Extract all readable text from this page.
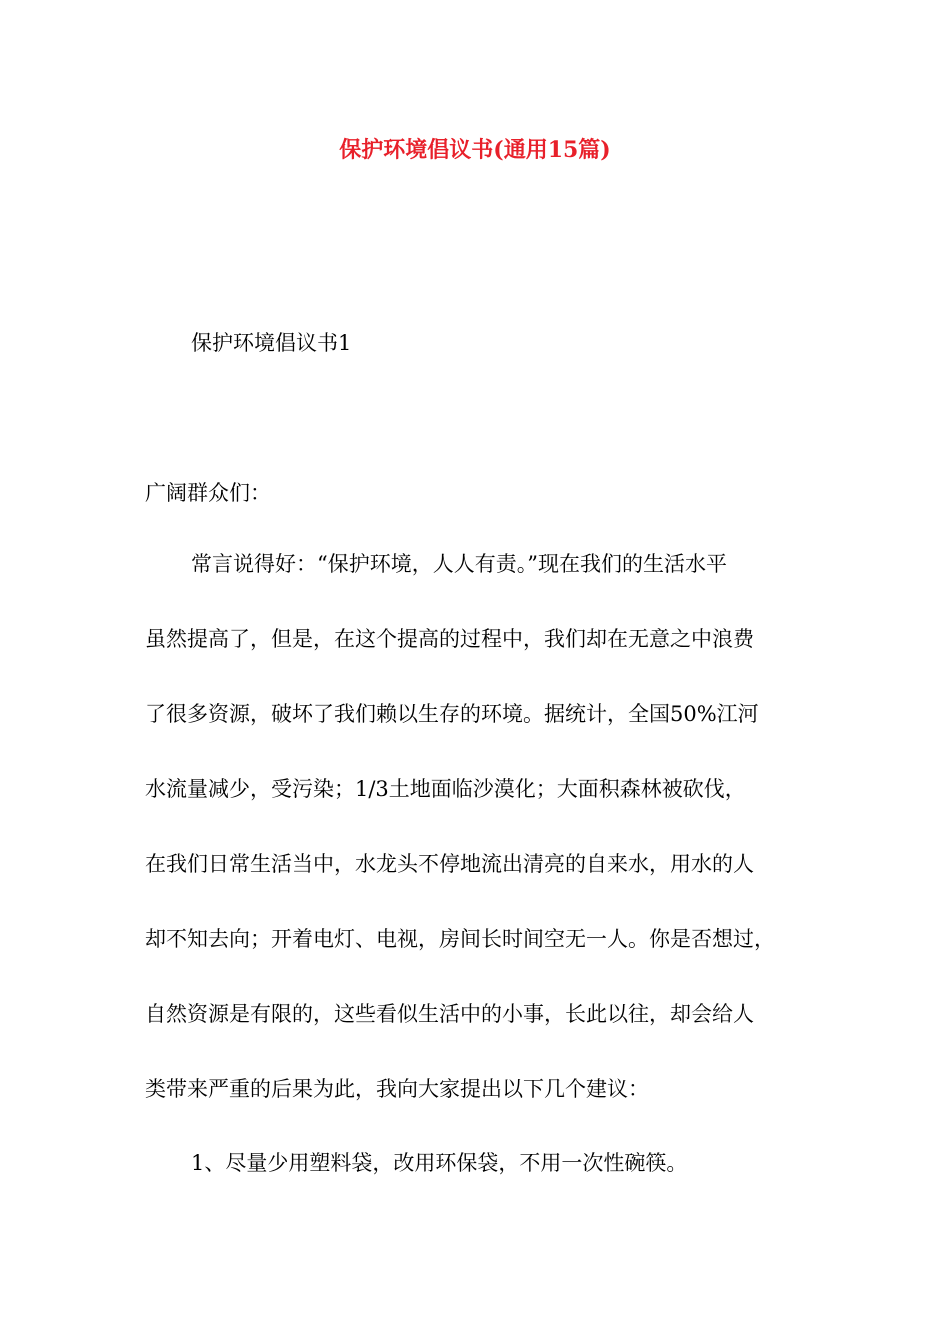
保护环境倡议书(通用15篇)
保护环境倡议书1
广阔群众们：
常言说得好：“保护环境，人人有责。”现在我们的生活水平
虽然提高了，但是，在这个提高的过程中，我们却在无意之中浪费
了很多资源，破坏了我们赖以生存的环境。据统计，全国50%江河
水流量减少，受污染；1/3土地面临沙漠化；大面积森林被砍伐，
在我们日常生活当中，水龙头不停地流出清亮的自来水，用水的人
却不知去向；开着电灯、电视，房间长时间空无一人。你是否想过，
自然资源是有限的，这些看似生活中的小事，长此以往，却会给人
类带来严重的后果为此，我向大家提出以下几个建议：
1、尽量少用塑料袋，改用环保袋，不用一次性碗筷。
